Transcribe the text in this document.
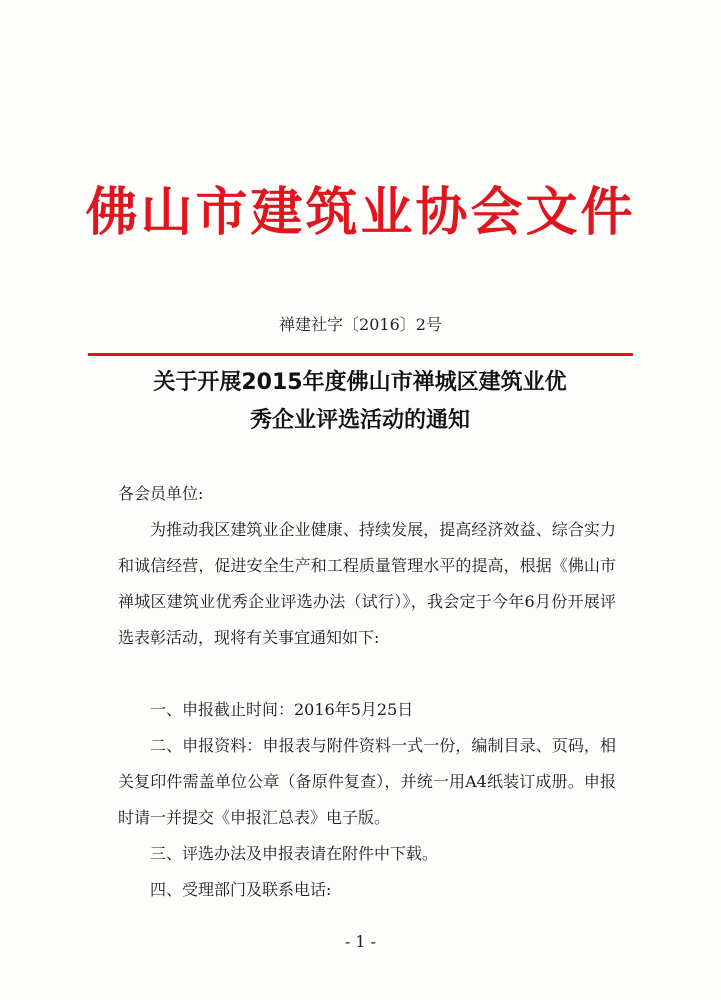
佛山市建筑业协会文件
禅建社字〔2016〕2号
关于开展2015年度佛山市禅城区建筑业优
秀企业评选活动的通知
各会员单位:
为推动我区建筑业企业健康、持续发展，提高经济效益、综合实力和诚信经营，促进安全生产和工程质量管理水平的提高，根据《佛山市禅城区建筑业优秀企业评选办法（试行）》，我会定于今年6月份开展评选表彰活动，现将有关事宜通知如下:
一、申报截止时间：2016年5月25日
二、申报资料：申报表与附件资料一式一份，编制目录、页码，相关复印件需盖单位公章（备原件复查），并统一用A4纸装订成册。申报时请一并提交《申报汇总表》电子版。
三、评选办法及申报表请在附件中下载。
四、受理部门及联系电话:
- 1 -
